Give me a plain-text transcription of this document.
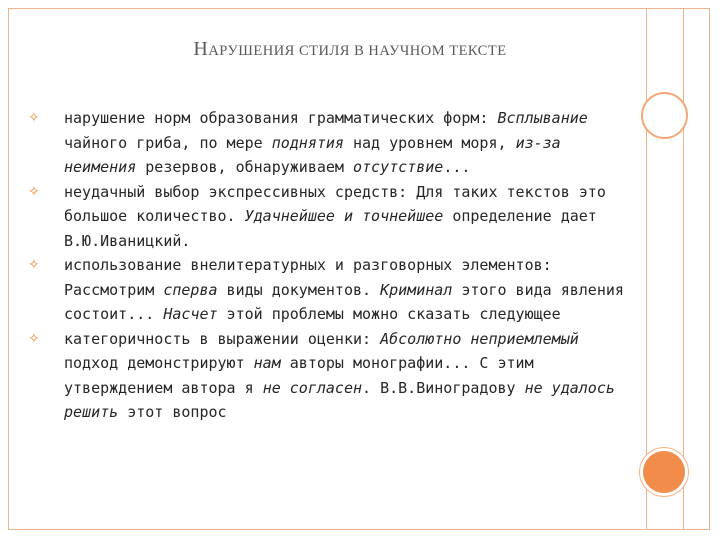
НАРУШЕНИЯ СТИЛЯ В НАУЧНОМ ТЕКСТЕ
✧ нарушение норм образования грамматических форм: Всплывание чайного гриба, по мере поднятия над уровнем моря, из-за неимения резервов, обнаруживаем отсутствие...
✧ неудачный выбор экспрессивных средств: Для таких текстов это большое количество. Удачнейшее и точнейшее определение дает В.Ю.Иваницкий.
✧ использование внелитературных и разговорных элементов: Рассмотрим сперва виды документов. Криминал этого вида явления состоит... Насчет этой проблемы можно сказать следующее
✧ категоричность в выражении оценки: Абсолютно неприемлемый подход демонстрируют нам авторы монографии... С этим утверждением автора я не согласен. В.В.Виноградову не удалось решить этот вопрос
